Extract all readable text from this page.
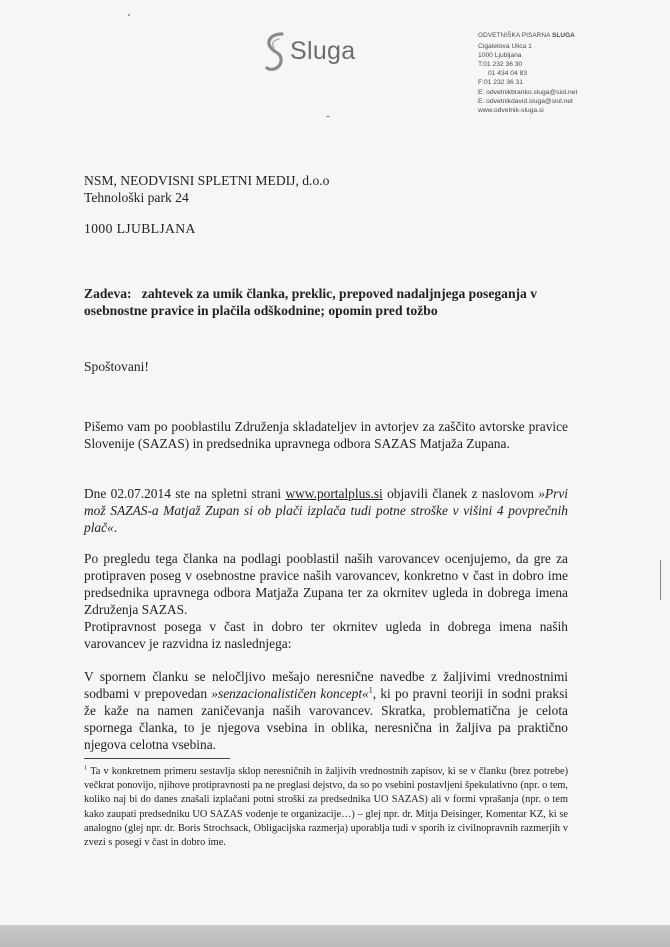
Sluga
ODVETNIŠKA PISARNA SLUGA
Cigaletova Ulica 1
1000 Ljubljana
T:01 232 36 30
01 434 04 83
F:01 232 36 31
E: odvetnikbranko.sluga@siol.net
E: odvetnikdavid.sluga@siol.net
www.odvetnik-sluga.si
NSM, NEODVISNI SPLETNI MEDIJ, d.o.o
Tehnološki park 24
1000 LJUBLJANA
Zadeva: zahtevek za umik članka, preklic, prepoved nadaljnjega poseganja v osebnostne pravice in plačila odškodnine; opomin pred tožbo
Spoštovani!
Pišemo vam po pooblastilu Združenja skladateljev in avtorjev za zaščito avtorske pravice Slovenije (SAZAS) in predsednika upravnega odbora SAZAS Matjaža Zupana.
Dne 02.07.2014 ste na spletni strani www.portalplus.si objavili članek z naslovom »Prvi mož SAZAS-a Matjaž Zupan si ob plači izplača tudi potne stroške v višini 4 povprečnih plač«.
Po pregledu tega članka na podlagi pooblastil naših varovancev ocenjujemo, da gre za protipraven poseg v osebnostne pravice naših varovancev, konkretno v čast in dobro ime predsednika upravnega odbora Matjaža Zupana ter za okrnitev ugleda in dobrega imena Združenja SAZAS.
Protipravnost posega v čast in dobro ter okrnitev ugleda in dobrega imena naših varovancev je razvidna iz naslednjega:
V spornem članku se neločljivo mešajo neresnične navedbe z žaljivimi vrednostnimi sodbami v prepovedan »senzacionalističen koncept«$^1$, ki po pravni teoriji in sodni praksi že kaže na namen zaničevanja naših varovancev. Skratka, problematična je celota spornega članka, to je njegova vsebina in oblika, neresnična in žaljiva pa praktično njegova celotna vsebina.
$^1$ Ta v konkretnem primeru sestavlja sklop neresničnih in žaljivih vrednostnih zapisov, ki se v članku (brez potrebe) večkrat ponovijo, njihove protipravnosti pa ne preglasi dejstvo, da so po vsebini postavljeni špekulativno (npr. o tem, koliko naj bi do danes znašali izplačani potni stroški za predsednika UO SAZAS) ali v formi vprašanja (npr. o tem kako zaupati predsedniku UO SAZAS vodenje te organizacije…) – glej npr. dr. Mitja Deisinger, Komentar KZ, ki se analogno (glej npr. dr. Boris Strochsack, Obligacijska razmerja) uporablja tudi v sporih iz civilnopravnih razmerjih v zvezi s posegi v čast in dobro ime.
